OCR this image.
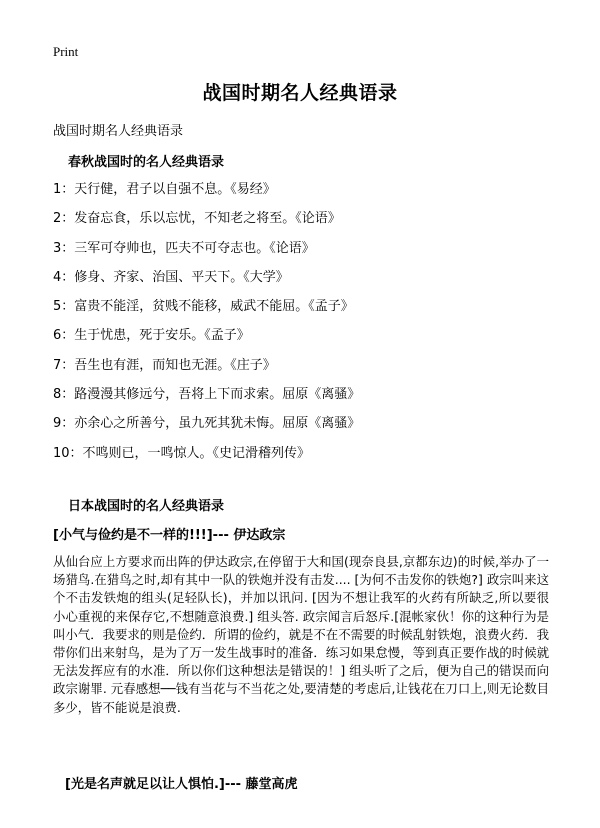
Print
战国时期名人经典语录
战国时期名人经典语录
春秋战国时的名人经典语录
1：天行健，君子以自强不息。《易经》
2：发奋忘食，乐以忘忧，不知老之将至。《论语》
3：三军可夺帅也，匹夫不可夺志也。《论语》
4：修身、齐家、治国、平天下。《大学》
5：富贵不能淫，贫贱不能移，威武不能屈。《孟子》
6：生于忧患，死于安乐。《孟子》
7：吾生也有涯，而知也无涯。《庄子》
8：路漫漫其修远兮，吾将上下而求索。屈原《离骚》
9：亦余心之所善兮，虽九死其犹未悔。屈原《离骚》
10：不鸣则已，一鸣惊人。《史记滑稽列传》
日本战国时的名人经典语录
[小气与俭约是不一样的!!!]--- 伊达政宗

从仙台应上方要求而出阵的伊达政宗,在停留于大和国(现奈良县,京都东边)的时候,举办了一场猎鸟.在猎鸟之时,却有其中一队的铁炮并没有击发.... [为何不击发你的铁炮?] 政宗叫来这个不击发铁炮的组头(足轻队长)，并加以讯问. [因为不想让我军的火药有所缺乏,所以要很小心重视的来保存它,不想随意浪费.] 组头答. 政宗闻言后怒斥.[混帐家伙！你的这种行为是叫小气．我要求的则是俭约．所谓的俭约，就是不在不需要的时候乱射铁炮，浪费火药．我带你们出来射鸟，是为了万一发生战事时的准备．练习如果怠慢，等到真正要作战的时候就无法发挥应有的水准．所以你们这种想法是错误的！] 组头听了之后，便为自己的错误而向政宗谢罪. 元春感想──钱有当花与不当花之处,要清楚的考虑后,让钱花在刀口上,则无论数目多少，皆不能说是浪费.

[光是名声就足以让人惧怕.]--- 藤堂高虎
